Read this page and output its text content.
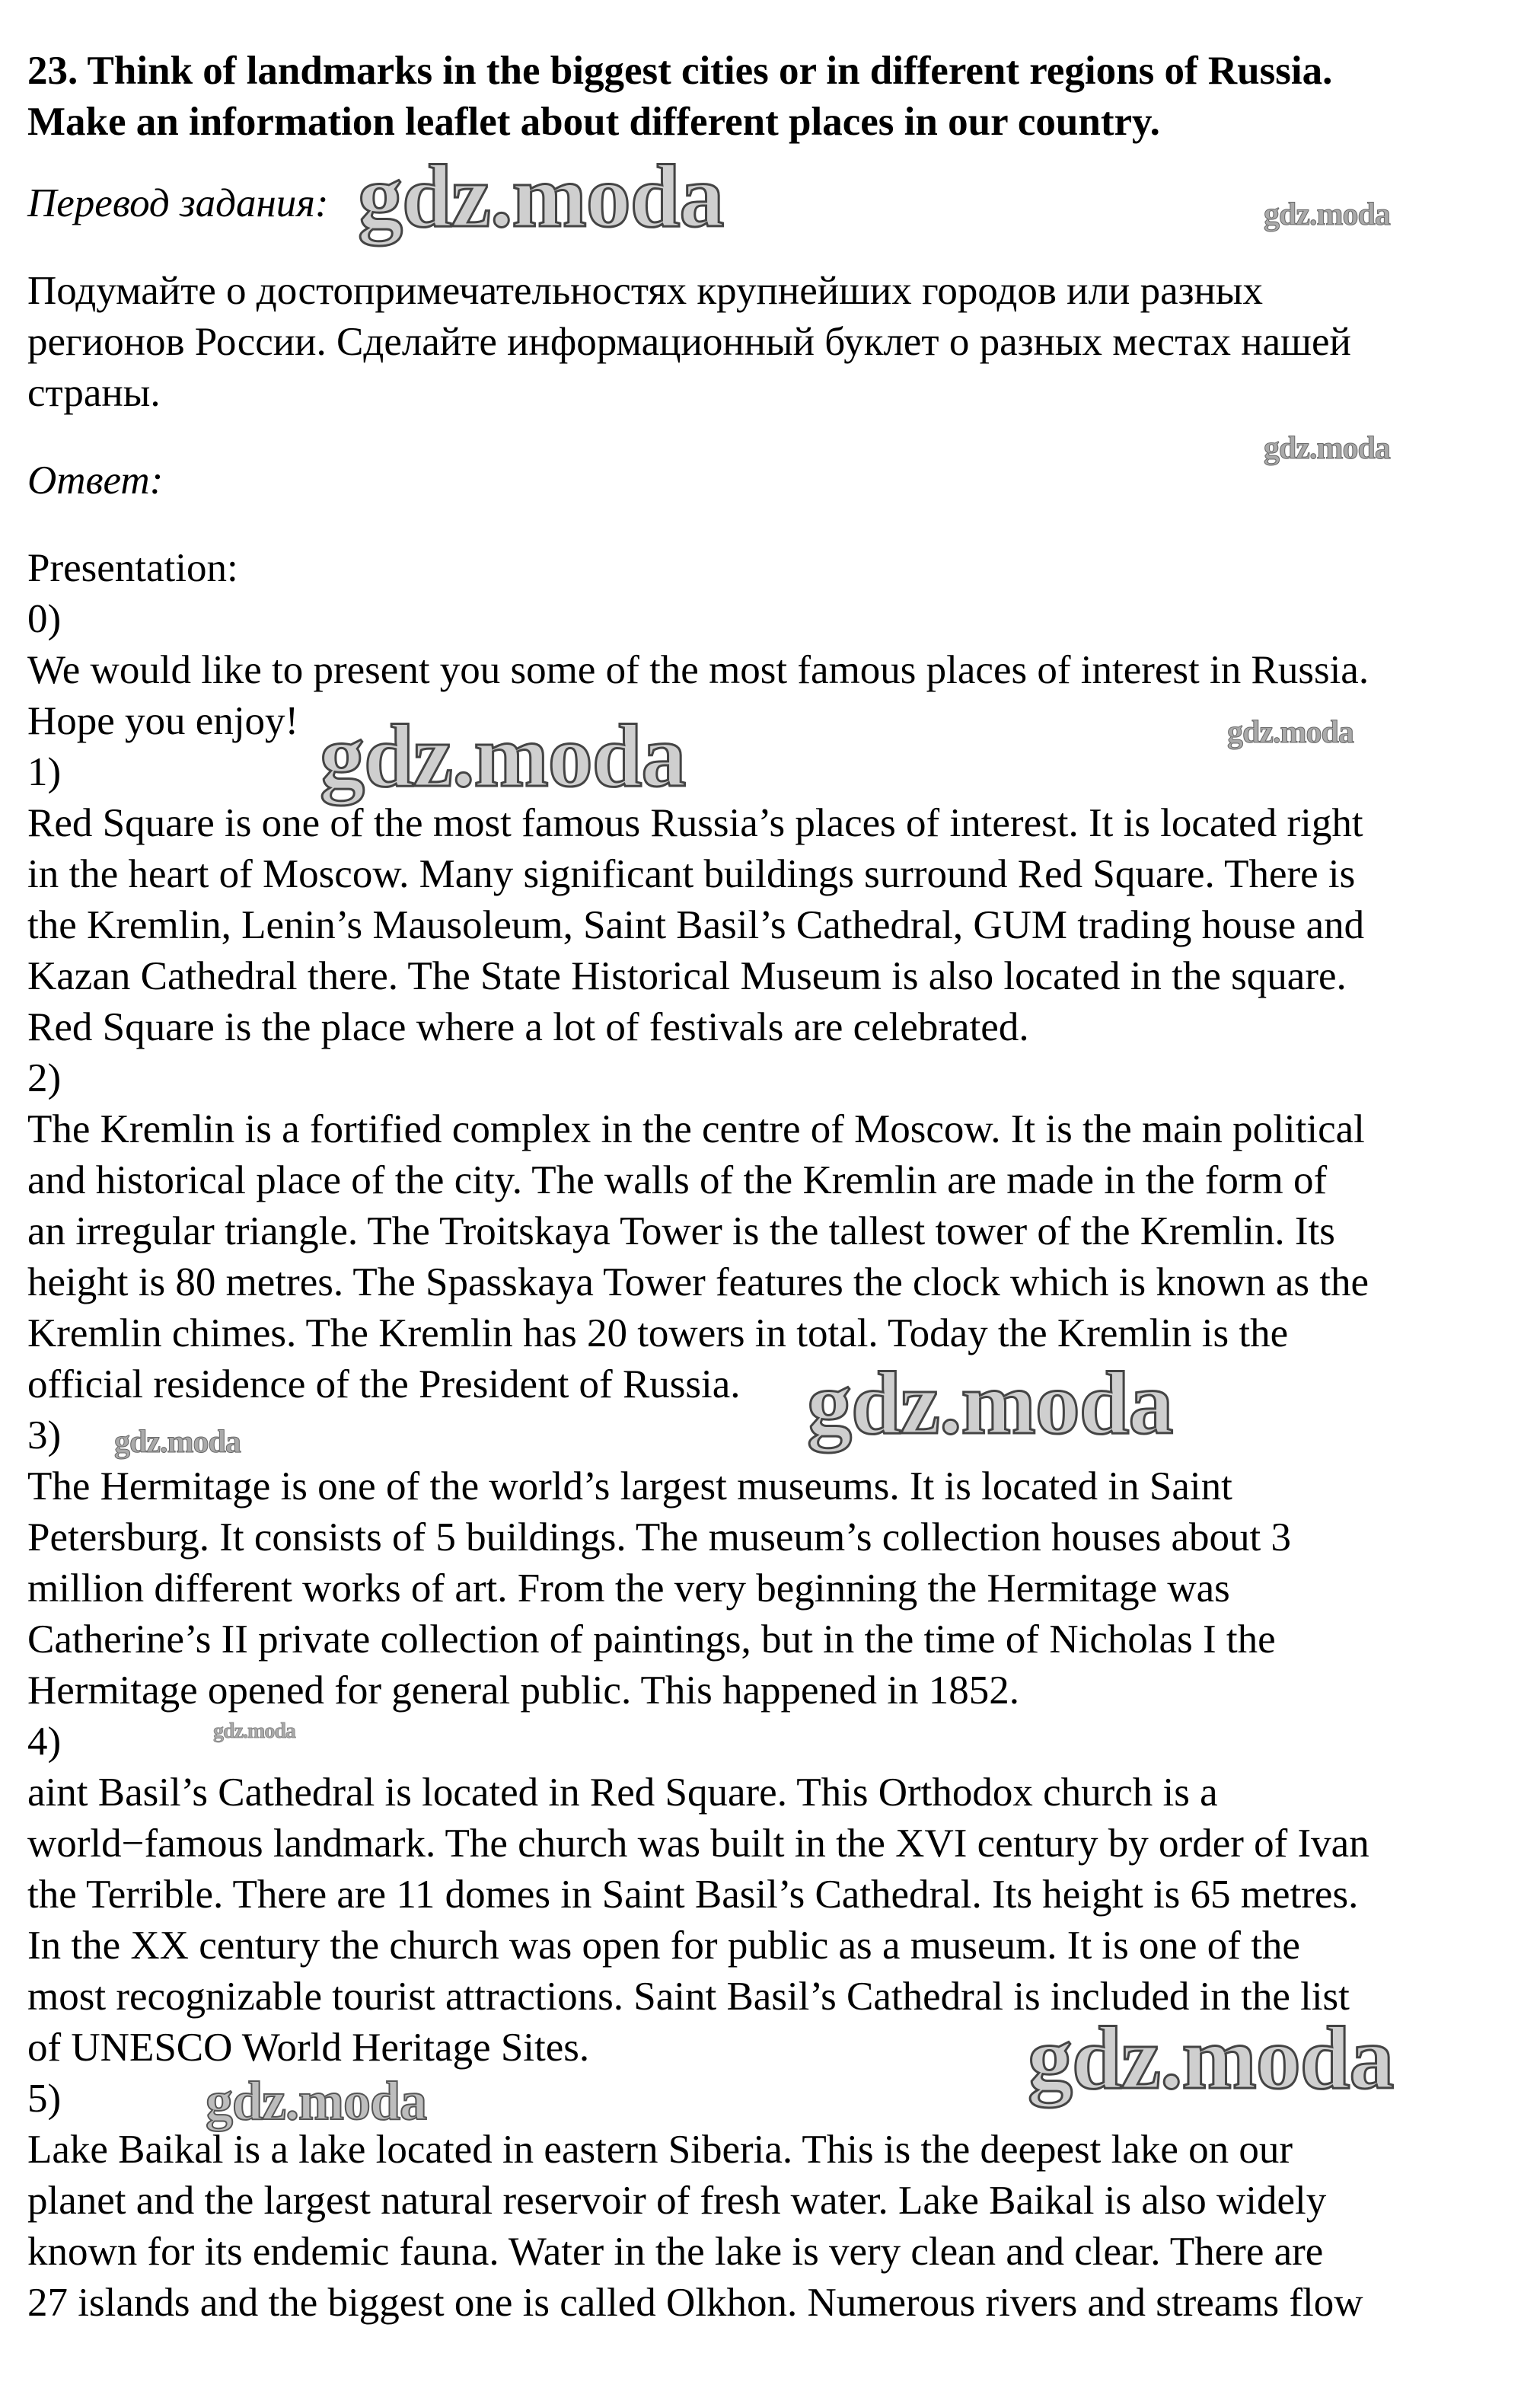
23. Think of landmarks in the biggest cities or in different regions of Russia.
Make an information leaflet about different places in our country.
Перевод задания:
Подумайте о достопримечательностях крупнейших городов или разных
регионов России. Сделайте информационный буклет о разных местах нашей
страны.
Ответ:
Presentation:
0)
We would like to present you some of the most famous places of interest in Russia.
Hope you enjoy!
1)
Red Square is one of the most famous Russia’s places of interest. It is located right
in the heart of Moscow. Many significant buildings surround Red Square. There is
the Kremlin, Lenin’s Mausoleum, Saint Basil’s Cathedral, GUM trading house and
Kazan Cathedral there. The State Historical Museum is also located in the square.
Red Square is the place where a lot of festivals are celebrated.
2)
The Kremlin is a fortified complex in the centre of Moscow. It is the main political
and historical place of the city. The walls of the Kremlin are made in the form of
an irregular triangle. The Troitskaya Tower is the tallest tower of the Kremlin. Its
height is 80 metres. The Spasskaya Tower features the clock which is known as the
Kremlin chimes. The Kremlin has 20 towers in total. Today the Kremlin is the
official residence of the President of Russia.
3)
The Hermitage is one of the world’s largest museums. It is located in Saint
Petersburg. It consists of 5 buildings. The museum’s collection houses about 3
million different works of art. From the very beginning the Hermitage was
Catherine’s II private collection of paintings, but in the time of Nicholas I the
Hermitage opened for general public. This happened in 1852.
4)
aint Basil’s Cathedral is located in Red Square. This Orthodox church is a
world−famous landmark. The church was built in the XVI century by order of Ivan
the Terrible. There are 11 domes in Saint Basil’s Cathedral. Its height is 65 metres.
In the XX century the church was open for public as a museum. It is one of the
most recognizable tourist attractions. Saint Basil’s Cathedral is included in the list
of UNESCO World Heritage Sites.
5)
Lake Baikal is a lake located in eastern Siberia. This is the deepest lake on our
planet and the largest natural reservoir of fresh water. Lake Baikal is also widely
known for its endemic fauna. Water in the lake is very clean and clear. There are
27 islands and the biggest one is called Olkhon. Numerous rivers and streams flow
gdz.moda	gdz.moda
gdz.moda
gdz.moda	gdz.moda
gdz.moda
gdz.moda
gdz.moda
gdz.moda
gdz.moda
